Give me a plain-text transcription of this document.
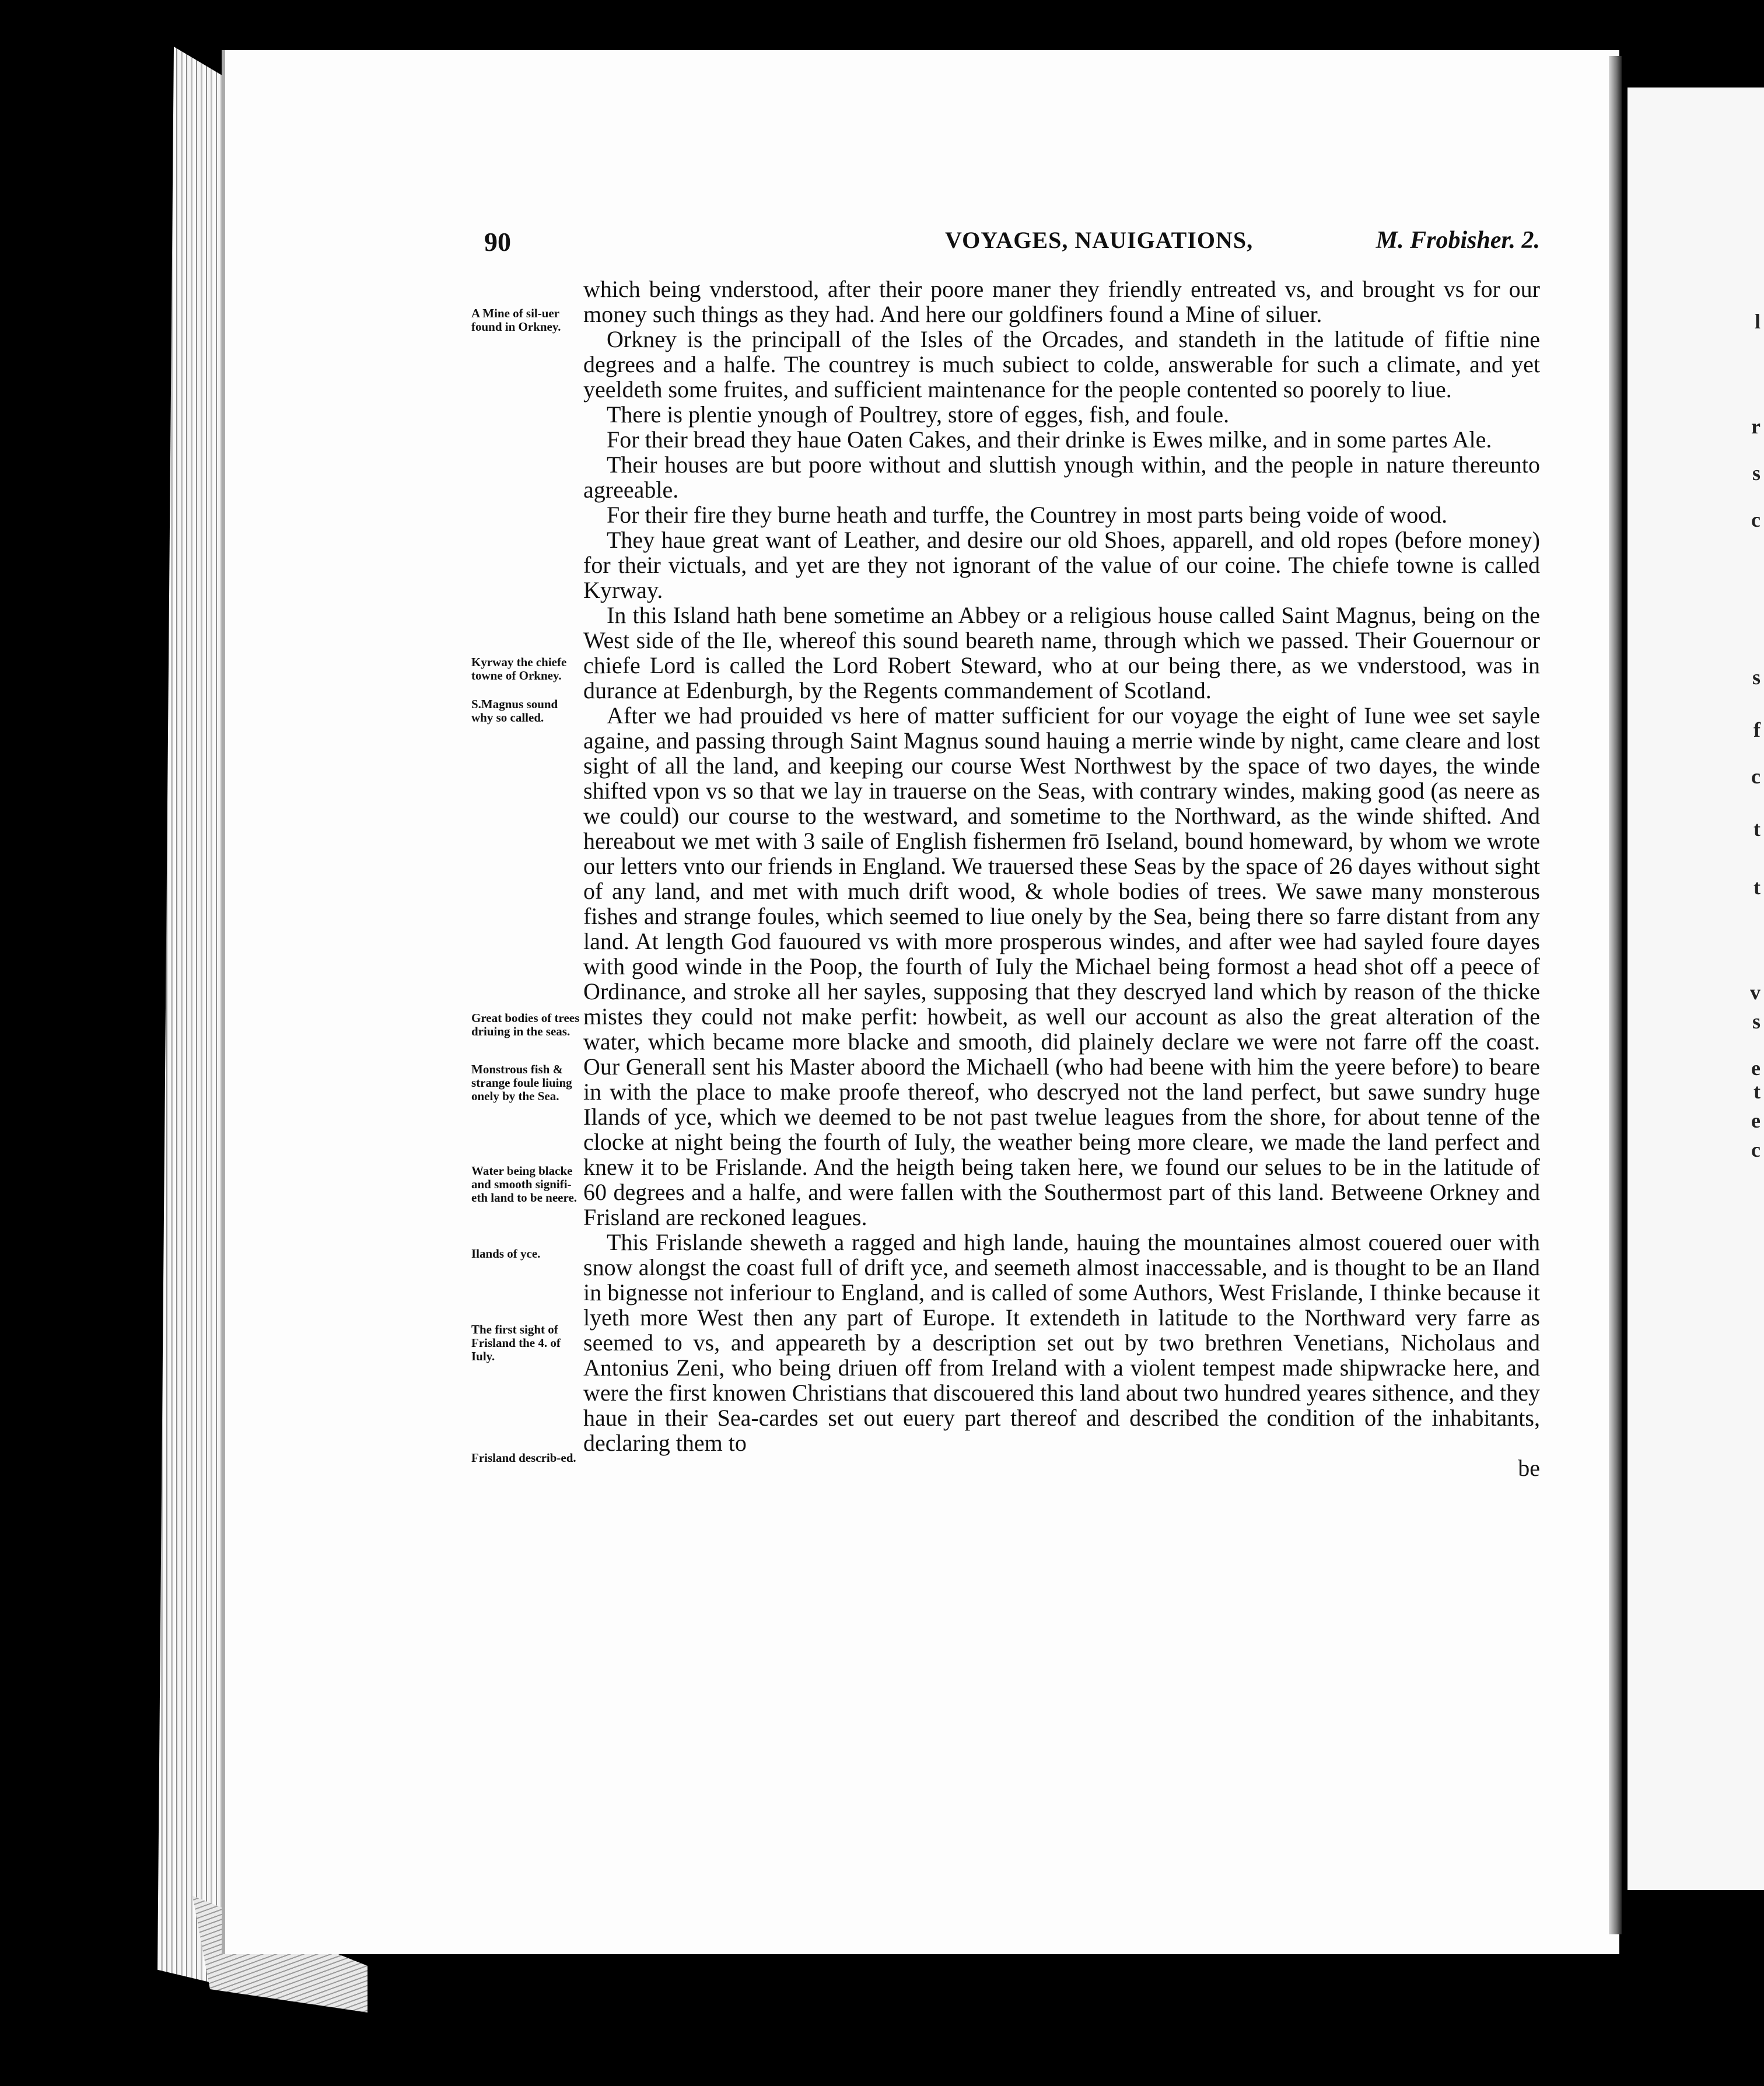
l
r
s
c
s
f
c
t
t
v
s
e
t
e
c
90	VOYAGES, NAUIGATIONS,	M. Frobisher. 2.
A Mine of sil-uer found in Orkney.
Kyrway the chiefe towne of Orkney.
S.Magnus sound why so called.
Great bodies of trees driuing in the seas.
Monstrous fish & strange foule liuing onely by the Sea.
Water being blacke and smooth signifi-eth land to be neere.
Ilands of yce.
The first sight of Frisland the 4. of Iuly.
Frisland describ-ed.

which being vnderstood, after their poore maner they friendly entreated vs, and brought vs for our money such things as they had. And here our goldfiners found a Mine of siluer.

Orkney is the principall of the Isles of the Orcades, and standeth in the latitude of fiftie nine degrees and a halfe. The countrey is much subiect to colde, answerable for such a climate, and yet yeeldeth some fruites, and sufficient maintenance for the people contented so poorely to liue.

There is plentie ynough of Poultrey, store of egges, fish, and foule.

For their bread they haue Oaten Cakes, and their drinke is Ewes milke, and in some partes Ale.

Their houses are but poore without and sluttish ynough within, and the people in nature thereunto agreeable.

For their fire they burne heath and turffe, the Countrey in most parts being voide of wood.

They haue great want of Leather, and desire our old Shoes, apparell, and old ropes (before money) for their victuals, and yet are they not ignorant of the value of our coine. The chiefe towne is called Kyrway.

In this Island hath bene sometime an Abbey or a religious house called Saint Magnus, being on the West side of the Ile, whereof this sound beareth name, through which we passed. Their Gouernour or chiefe Lord is called the Lord Robert Steward, who at our being there, as we vnderstood, was in durance at Edenburgh, by the Regents commandement of Scotland.

After we had prouided vs here of matter sufficient for our voyage the eight of Iune wee set sayle againe, and passing through Saint Magnus sound hauing a merrie winde by night, came cleare and lost sight of all the land, and keeping our course West Northwest by the space of two dayes, the winde shifted vpon vs so that we lay in trauerse on the Seas, with contrary windes, making good (as neere as we could) our course to the westward, and sometime to the Northward, as the winde shifted. And hereabout we met with 3 saile of English fishermen frō Iseland, bound homeward, by whom we wrote our letters vnto our friends in England. We trauersed these Seas by the space of 26 dayes without sight of any land, and met with much drift wood, & whole bodies of trees. We sawe many monsterous fishes and strange foules, which seemed to liue onely by the Sea, being there so farre distant from any land. At length God fauoured vs with more prosperous windes, and after wee had sayled foure dayes with good winde in the Poop, the fourth of Iuly the Michael being formost a head shot off a peece of Ordinance, and stroke all her sayles, supposing that they descryed land which by reason of the thicke mistes they could not make perfit: howbeit, as well our account as also the great alteration of the water, which became more blacke and smooth, did plainely declare we were not farre off the coast. Our Generall sent his Master aboord the Michaell (who had beene with him the yeere before) to beare in with the place to make proofe thereof, who descryed not the land perfect, but sawe sundry huge Ilands of yce, which we deemed to be not past twelue leagues from the shore, for about tenne of the clocke at night being the fourth of Iuly, the weather being more cleare, we made the land perfect and knew it to be Frislande. And the heigth being taken here, we found our selues to be in the latitude of 60 degrees and a halfe, and were fallen with the Southermost part of this land. Betweene Orkney and Frisland are reckoned leagues.

This Frislande sheweth a ragged and high lande, hauing the mountaines almost couered ouer with snow alongst the coast full of drift yce, and seemeth almost inaccessable, and is thought to be an Iland in bignesse not inferiour to England, and is called of some Authors, West Frislande, I thinke because it lyeth more West then any part of Europe. It extendeth in latitude to the Northward very farre as seemed to vs, and appeareth by a description set out by two brethren Venetians, Nicholaus and Antonius Zeni, who being driuen off from Ireland with a violent tempest made shipwracke here, and were the first knowen Christians that discouered this land about two hundred yeares sithence, and they haue in their Sea-cardes set out euery part thereof and described the condition of the inhabitants, declaring them to

be
